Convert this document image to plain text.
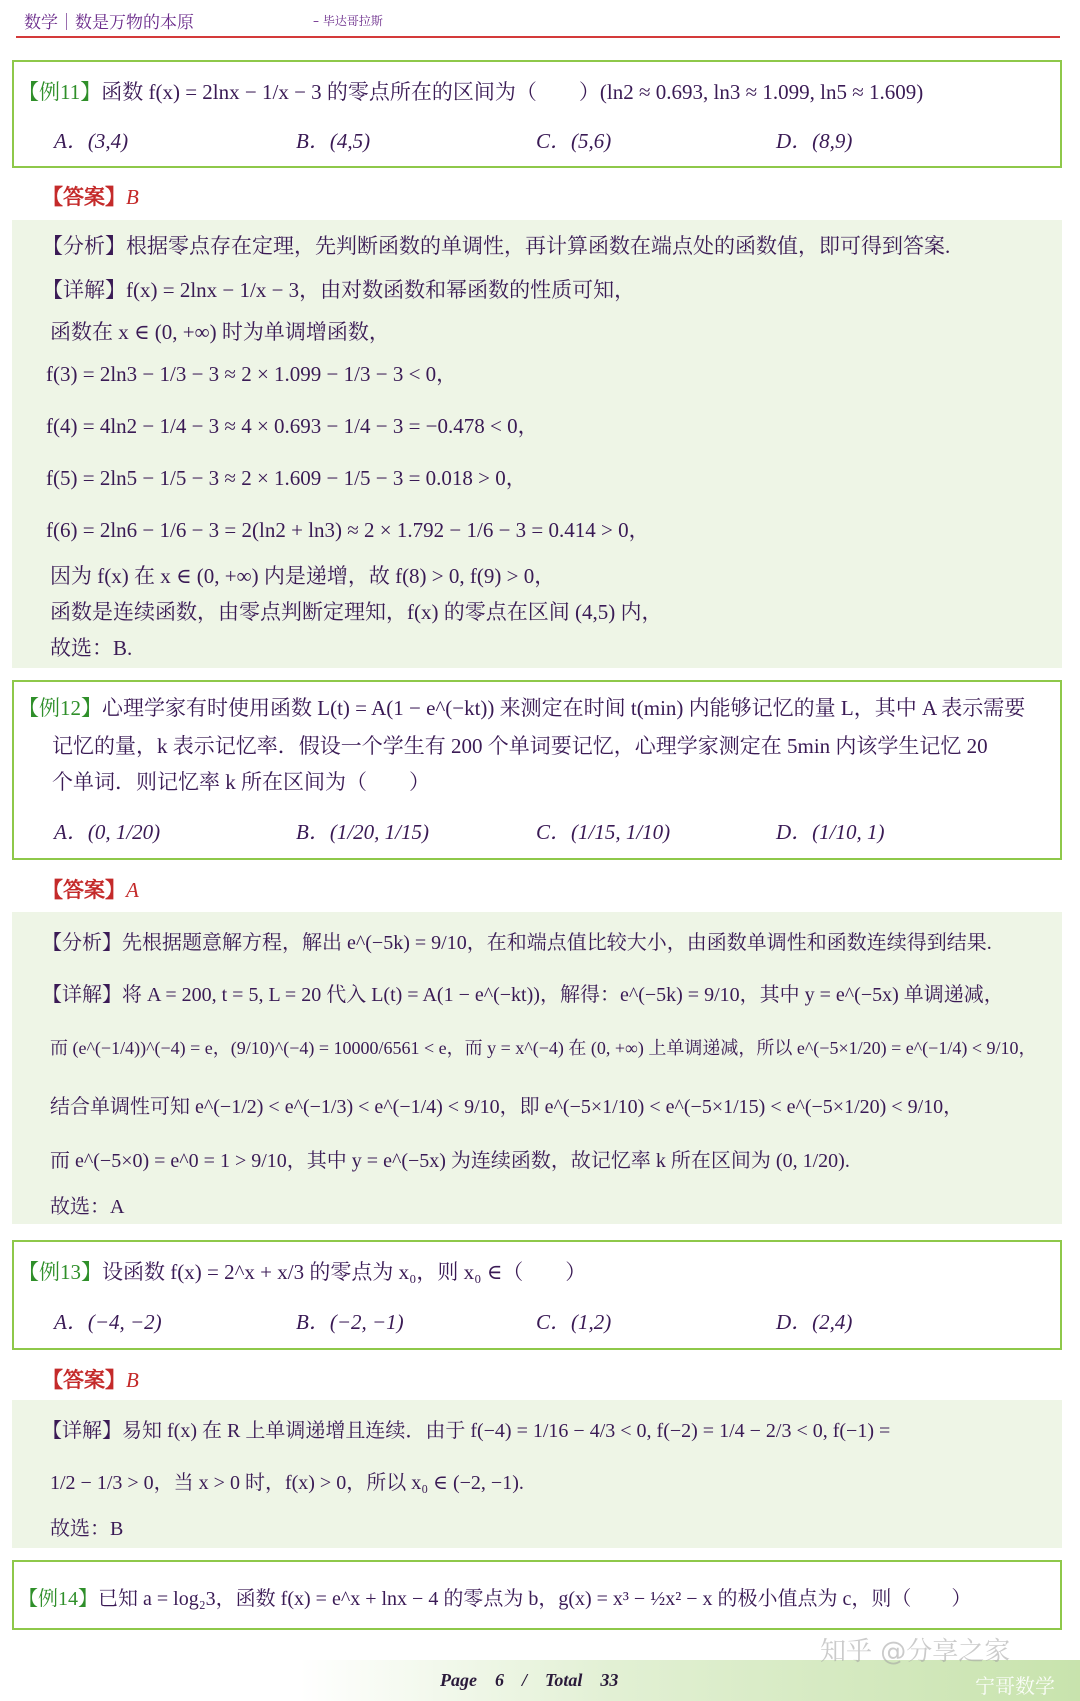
数学｜数是万物的本原	– 毕达哥拉斯
【例11】函数 f(x) = 2lnx − 1/x − 3 的零点所在的区间为（　　）(ln2 ≈ 0.693, ln3 ≈ 1.099, ln5 ≈ 1.609)
A．(3,4)	B．(4,5)	C．(5,6)	D．(8,9)
【答案】B
【分析】根据零点存在定理，先判断函数的单调性，再计算函数在端点处的函数值，即可得到答案.
【详解】f(x) = 2lnx − 1/x − 3，由对数函数和幂函数的性质可知，
函数在 x ∈ (0, +∞) 时为单调增函数，
f(3) = 2ln3 − 1/3 − 3 ≈ 2 × 1.099 − 1/3 − 3 < 0，
f(4) = 4ln2 − 1/4 − 3 ≈ 4 × 0.693 − 1/4 − 3 = −0.478 < 0，
f(5) = 2ln5 − 1/5 − 3 ≈ 2 × 1.609 − 1/5 − 3 = 0.018 > 0，
f(6) = 2ln6 − 1/6 − 3 = 2(ln2 + ln3) ≈ 2 × 1.792 − 1/6 − 3 = 0.414 > 0，
因为 f(x) 在 x ∈ (0, +∞) 内是递增，故 f(8) > 0, f(9) > 0，
函数是连续函数，由零点判断定理知，f(x) 的零点在区间 (4,5) 内，
故选：B.
【例12】心理学家有时使用函数 L(t) = A(1 − e^(−kt)) 来测定在时间 t(min) 内能够记忆的量 L，其中 A 表示需要
记忆的量，k 表示记忆率．假设一个学生有 200 个单词要记忆，心理学家测定在 5min 内该学生记忆 20
个单词．则记忆率 k 所在区间为（　　）
A．(0, 1/20)	B．(1/20, 1/15)	C．(1/15, 1/10)	D．(1/10, 1)
【答案】A
【分析】先根据题意解方程，解出 e^(−5k) = 9/10，在和端点值比较大小，由函数单调性和函数连续得到结果.
【详解】将 A = 200, t = 5, L = 20 代入 L(t) = A(1 − e^(−kt))，解得：e^(−5k) = 9/10，其中 y = e^(−5x) 单调递减，
而 (e^(−1/4))^(−4) = e，(9/10)^(−4) = 10000/6561 < e，而 y = x^(−4) 在 (0, +∞) 上单调递减，所以 e^(−5×1/20) = e^(−1/4) < 9/10，
结合单调性可知 e^(−1/2) < e^(−1/3) < e^(−1/4) < 9/10，即 e^(−5×1/10) < e^(−5×1/15) < e^(−5×1/20) < 9/10，
而 e^(−5×0) = e^0 = 1 > 9/10，其中 y = e^(−5x) 为连续函数，故记忆率 k 所在区间为 (0, 1/20).
故选：A
【例13】设函数 f(x) = 2^x + x/3 的零点为 x₀，则 x₀ ∈（　　）
A．(−4, −2)	B．(−2, −1)	C．(1,2)	D．(2,4)
【答案】B
【详解】易知 f(x) 在 R 上单调递增且连续．由于 f(−4) = 1/16 − 4/3 < 0, f(−2) = 1/4 − 2/3 < 0, f(−1) =
1/2 − 1/3 > 0，当 x > 0 时，f(x) > 0，所以 x₀ ∈ (−2, −1).
故选：B
【例14】已知 a = log₂3，函数 f(x) = e^x + lnx − 4 的零点为 b，g(x) = x³ − ½x² − x 的极小值点为 c，则（　　）
Page　6　/　Total　33
知乎 @分享之家
宁哥数学
